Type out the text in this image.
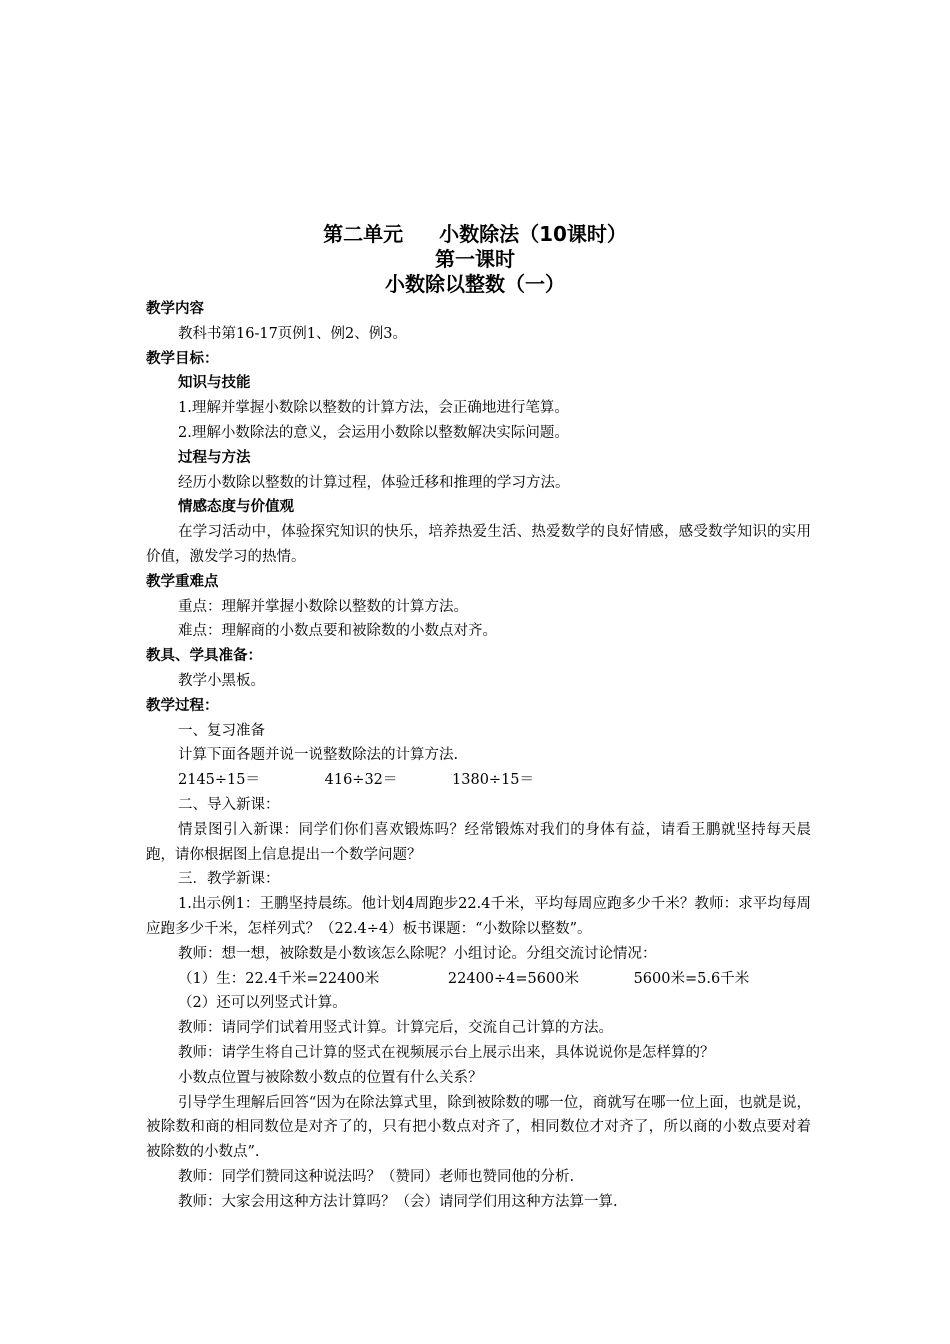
第二单元 小数除法（10课时）
第一课时
小数除以整数（一）
教学内容
教科书第16-17页例1、例2、例3。
教学目标：
知识与技能
1.理解并掌握小数除以整数的计算方法，会正确地进行笔算。
2.理解小数除法的意义，会运用小数除以整数解决实际问题。
过程与方法
经历小数除以整数的计算过程，体验迁移和推理的学习方法。
情感态度与价值观
在学习活动中，体验探究知识的快乐，培养热爱生活、热爱数学的良好情感，感受数学知识的实用价值，激发学习的热情。
教学重难点
重点：理解并掌握小数除以整数的计算方法。
难点：理解商的小数点要和被除数的小数点对齐。
教具、学具准备：
教学小黑板。
教学过程：
一、复习准备
计算下面各题并说一说整数除法的计算方法.
2145÷15＝	416÷32＝	1380÷15＝
二、导入新课：
情景图引入新课：同学们你们喜欢锻炼吗？经常锻炼对我们的身体有益，请看王鹏就坚持每天晨跑，请你根据图上信息提出一个数学问题？
三．教学新课：
1.出示例1：王鹏坚持晨练。他计划4周跑步22.4千米，平均每周应跑多少千米？教师：求平均每周应跑多少千米，怎样列式？（22.4÷4）板书课题：“小数除以整数”。
教师：想一想，被除数是小数该怎么除呢？小组讨论。分组交流讨论情况：
（1）生：22.4千米=22400米	22400÷4=5600米	5600米=5.6千米
（2）还可以列竖式计算。
教师：请同学们试着用竖式计算。计算完后，交流自己计算的方法。
教师：请学生将自己计算的竖式在视频展示台上展示出来，具体说说你是怎样算的？
小数点位置与被除数小数点的位置有什么关系？
引导学生理解后回答“因为在除法算式里，除到被除数的哪一位，商就写在哪一位上面，也就是说，被除数和商的相同数位是对齐了的，只有把小数点对齐了，相同数位才对齐了，所以商的小数点要对着被除数的小数点”.
教师：同学们赞同这种说法吗？（赞同）老师也赞同他的分析.
教师：大家会用这种方法计算吗？（会）请同学们用这种方法算一算.
